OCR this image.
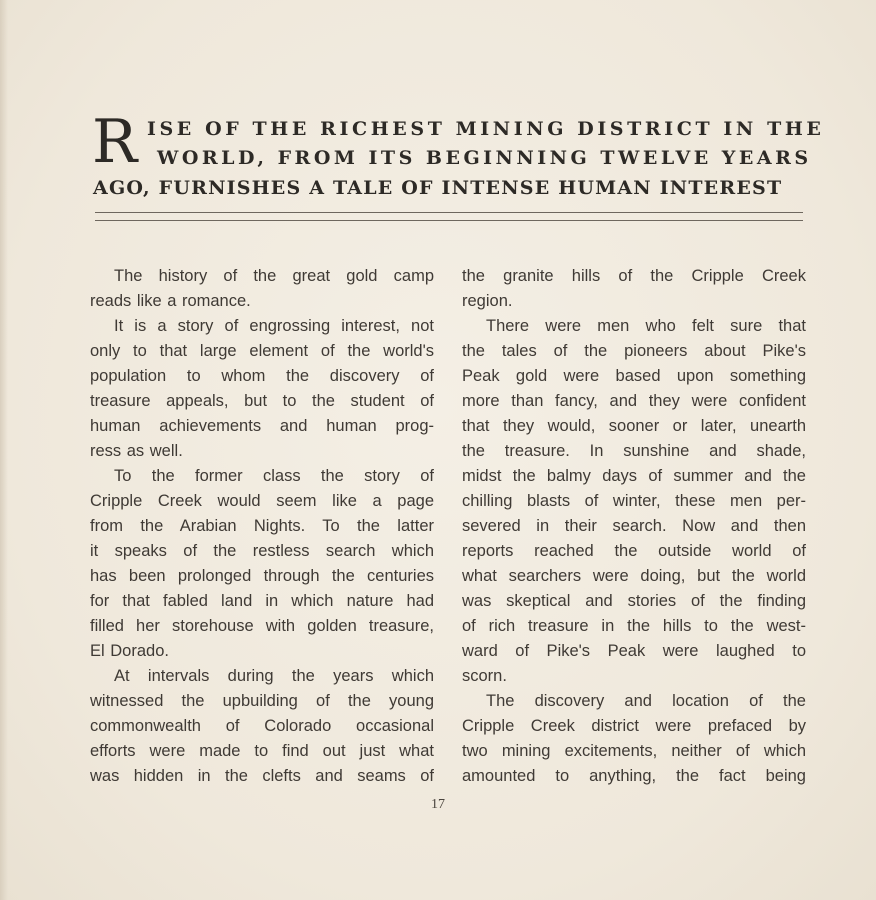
R ISE OF THE RICHEST MINING DISTRICT IN THE
WORLD, FROM ITS BEGINNING TWELVE YEARS
AGO, FURNISHES A TALE OF INTENSE HUMAN INTEREST
The history of the great gold camp
reads like a romance.
It is a story of engrossing interest, not
only to that large element of the world's
population to whom the discovery of
treasure appeals, but to the student of
human achievements and human prog-
ress as well.
To the former class the story of
Cripple Creek would seem like a page
from the Arabian Nights. To the latter
it speaks of the restless search which
has been prolonged through the centuries
for that fabled land in which nature had
filled her storehouse with golden treasure,
El Dorado.
At intervals during the years which
witnessed the upbuilding of the young
commonwealth of Colorado occasional
efforts were made to find out just what
was hidden in the clefts and seams of
the granite hills of the Cripple Creek
region.
There were men who felt sure that
the tales of the pioneers about Pike's
Peak gold were based upon something
more than fancy, and they were confident
that they would, sooner or later, unearth
the treasure. In sunshine and shade,
midst the balmy days of summer and the
chilling blasts of winter, these men per-
severed in their search. Now and then
reports reached the outside world of
what searchers were doing, but the world
was skeptical and stories of the finding
of rich treasure in the hills to the west-
ward of Pike's Peak were laughed to
scorn.
The discovery and location of the
Cripple Creek district were prefaced by
two mining excitements, neither of which
amounted to anything, the fact being
17
